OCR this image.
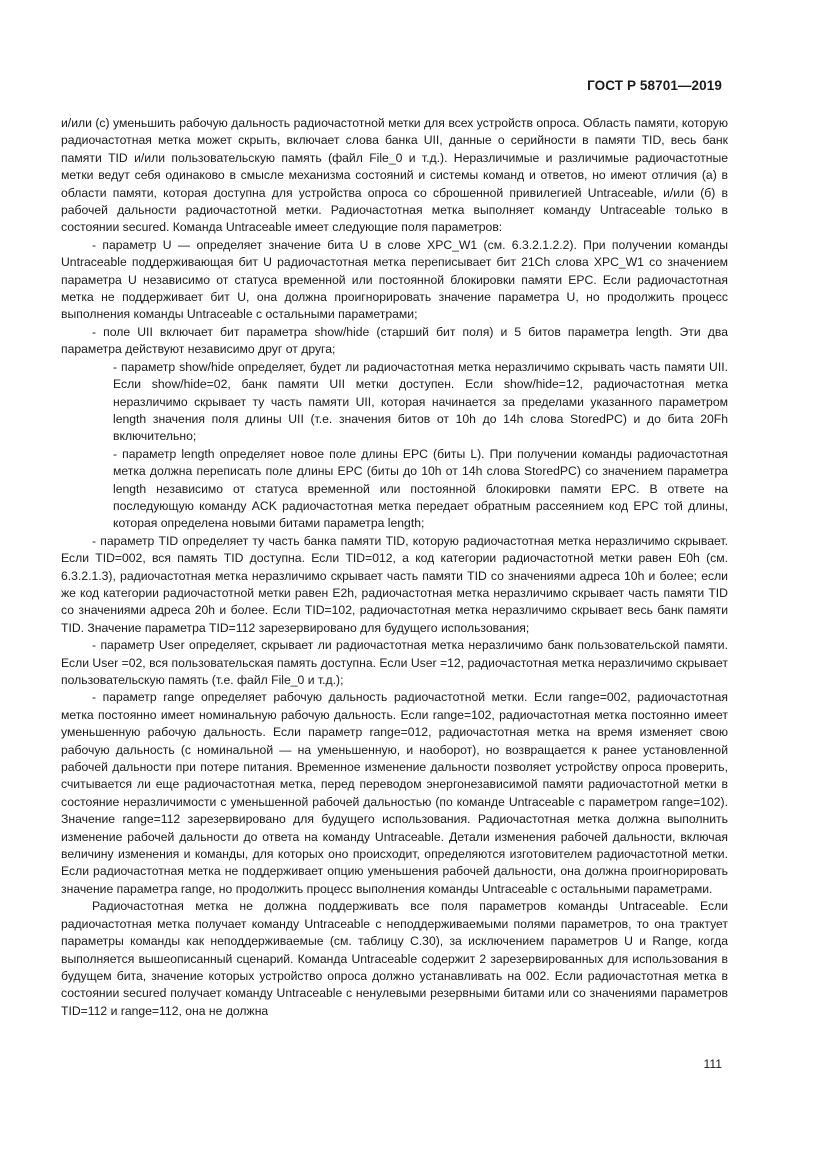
ГОСТ Р 58701—2019

и/или (c) уменьшить рабочую дальность радиочастотной метки для всех устройств опроса. Область памяти, которую радиочастотная метка может скрыть, включает слова банка UII, данные о серийности в памяти TID, весь банк памяти TID и/или пользовательскую память (файл File_0 и т.д.). Неразличимые и различимые радиочастотные метки ведут себя одинаково в смысле механизма состояний и системы команд и ответов, но имеют отличия (a) в области памяти, которая доступна для устройства опроса со сброшенной привилегией Untraceable, и/или (б) в рабочей дальности радиочастотной метки. Радиочастотная метка выполняет команду Untraceable только в состоянии secured. Команда Untraceable имеет следующие поля параметров:

- параметр U — определяет значение бита U в слове XPC_W1 (см. 6.3.2.1.2.2). При получении команды Untraceable поддерживающая бит U радиочастотная метка переписывает бит 21Ch слова XPC_W1 со значением параметра U независимо от статуса временной или постоянной блокировки памяти EPC. Если радиочастотная метка не поддерживает бит U, она должна проигнорировать значение параметра U, но продолжить процесс выполнения команды Untraceable с остальными параметрами;

- поле UII включает бит параметра show/hide (старший бит поля) и 5 битов параметра length. Эти два параметра действуют независимо друг от друга;

- параметр show/hide определяет, будет ли радиочастотная метка неразличимо скрывать часть памяти UII. Если show/hide=02, банк памяти UII метки доступен. Если show/hide=12, радиочастотная метка неразличимо скрывает ту часть памяти UII, которая начинается за пределами указанного параметром length значения поля длины UII (т.е. значения битов от 10h до 14h слова StoredPC) и до бита 20Fh включительно;

- параметр length определяет новое поле длины EPC (биты L). При получении команды радиочастотная метка должна переписать поле длины EPC (биты до 10h от 14h слова StoredPC) со значением параметра length независимо от статуса временной или постоянной блокировки памяти EPC. В ответе на последующую команду ACK радиочастотная метка передает обратным рассеянием код EPC той длины, которая определена новыми битами параметра length;

- параметр TID определяет ту часть банка памяти TID, которую радиочастотная метка неразличимо скрывает. Если TID=002, вся память TID доступна. Если TID=012, а код категории радиочастотной метки равен E0h (см. 6.3.2.1.3), радиочастотная метка неразличимо скрывает часть памяти TID со значениями адреса 10h и более; если же код категории радиочастотной метки равен E2h, радиочастотная метка неразличимо скрывает часть памяти TID со значениями адреса 20h и более. Если TID=102, радиочастотная метка неразличимо скрывает весь банк памяти TID. Значение параметра TID=112 зарезервировано для будущего использования;

- параметр User определяет, скрывает ли радиочастотная метка неразличимо банк пользовательской памяти. Если User =02, вся пользовательская память доступна. Если User =12, радиочастотная метка неразличимо скрывает пользовательскую память (т.е. файл File_0 и т.д.);

- параметр range определяет рабочую дальность радиочастотной метки. Если range=002, радиочастотная метка постоянно имеет номинальную рабочую дальность. Если range=102, радиочастотная метка постоянно имеет уменьшенную рабочую дальность. Если параметр range=012, радиочастотная метка на время изменяет свою рабочую дальность (с номинальной — на уменьшенную, и наоборот), но возвращается к ранее установленной рабочей дальности при потере питания. Временное изменение дальности позволяет устройству опроса проверить, считывается ли еще радиочастотная метка, перед переводом энергонезависимой памяти радиочастотной метки в состояние неразличимости с уменьшенной рабочей дальностью (по команде Untraceable с параметром range=102). Значение range=112 зарезервировано для будущего использования. Радиочастотная метка должна выполнить изменение рабочей дальности до ответа на команду Untraceable. Детали изменения рабочей дальности, включая величину изменения и команды, для которых оно происходит, определяются изготовителем радиочастотной метки. Если радиочастотная метка не поддерживает опцию уменьшения рабочей дальности, она должна проигнорировать значение параметра range, но продолжить процесс выполнения команды Untraceable с остальными параметрами.

Радиочастотная метка не должна поддерживать все поля параметров команды Untraceable. Если радиочастотная метка получает команду Untraceable с неподдерживаемыми полями параметров, то она трактует параметры команды как неподдерживаемые (см. таблицу C.30), за исключением параметров U и Range, когда выполняется вышеописанный сценарий. Команда Untraceable содержит 2 зарезервированных для использования в будущем бита, значение которых устройство опроса должно устанавливать на 002. Если радиочастотная метка в состоянии secured получает команду Untraceable с ненулевыми резервными битами или со значениями параметров TID=112 и range=112, она не должна

111
